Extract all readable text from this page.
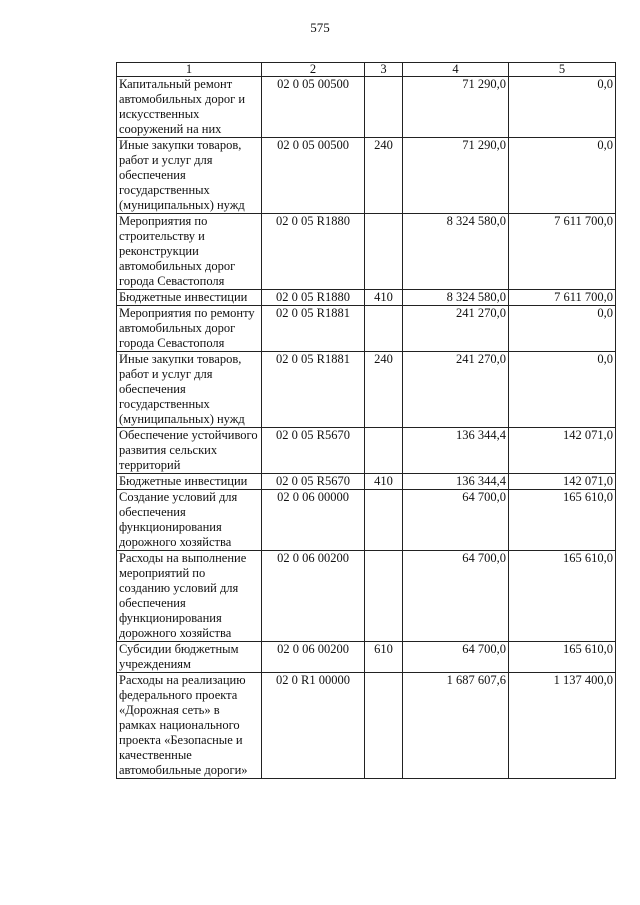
575
1	2	3	4	5
Капитальный ремонт автомобильных дорог и искусственных сооружений на них	02 0 05 00500		71 290,0	0,0
Иные закупки товаров, работ и услуг для обеспечения государственных (муниципальных) нужд	02 0 05 00500	240	71 290,0	0,0
Мероприятия по строительству и реконструкции автомобильных дорог города Севастополя	02 0 05 R1880		8 324 580,0	7 611 700,0
Бюджетные инвестиции	02 0 05 R1880	410	8 324 580,0	7 611 700,0
Мероприятия по ремонту автомобильных дорог города Севастополя	02 0 05 R1881		241 270,0	0,0
Иные закупки товаров, работ и услуг для обеспечения государственных (муниципальных) нужд	02 0 05 R1881	240	241 270,0	0,0
Обеспечение устойчивого развития сельских территорий	02 0 05 R5670		136 344,4	142 071,0
Бюджетные инвестиции	02 0 05 R5670	410	136 344,4	142 071,0
Создание условий для обеспечения функционирования дорожного хозяйства	02 0 06 00000		64 700,0	165 610,0
Расходы на выполнение мероприятий по созданию условий для обеспечения функционирования дорожного хозяйства	02 0 06 00200		64 700,0	165 610,0
Субсидии бюджетным учреждениям	02 0 06 00200	610	64 700,0	165 610,0
Расходы на реализацию федерального проекта «Дорожная сеть» в рамках национального проекта «Безопасные и качественные автомобильные дороги»	02 0 R1 00000		1 687 607,6	1 137 400,0
